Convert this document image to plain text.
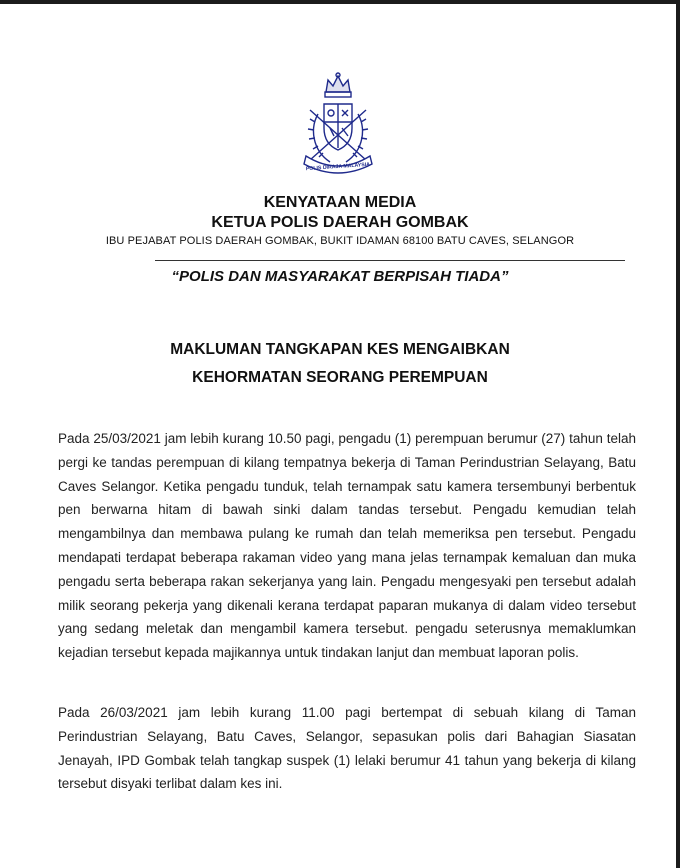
POLIS DIRAJA MALAYSIA
KENYATAAN MEDIA
KETUA POLIS DAERAH GOMBAK
IBU PEJABAT POLIS DAERAH GOMBAK, BUKIT IDAMAN 68100 BATU CAVES, SELANGOR
“POLIS DAN MASYARAKAT BERPISAH TIADA”
MAKLUMAN TANGKAPAN KES MENGAIBKAN
KEHORMATAN SEORANG PEREMPUAN

Pada 25/03/2021 jam lebih kurang 10.50 pagi, pengadu (1) perempuan berumur (27) tahun telah pergi ke tandas perempuan di kilang tempatnya bekerja di Taman Perindustrian Selayang, Batu Caves Selangor. Ketika pengadu tunduk, telah ternampak satu kamera tersembunyi berbentuk pen berwarna hitam di bawah sinki dalam tandas tersebut. Pengadu kemudian telah mengambilnya dan membawa pulang ke rumah dan telah memeriksa pen tersebut. Pengadu mendapati terdapat beberapa rakaman video yang mana jelas ternampak kemaluan dan muka pengadu serta beberapa rakan sekerjanya yang lain. Pengadu mengesyaki pen tersebut adalah milik seorang pekerja yang dikenali kerana terdapat paparan mukanya di dalam video tersebut yang sedang meletak dan mengambil kamera tersebut. pengadu seterusnya memaklumkan kejadian tersebut kepada majikannya untuk tindakan lanjut dan membuat laporan polis.

Pada 26/03/2021 jam lebih kurang 11.00 pagi bertempat di sebuah kilang di Taman Perindustrian Selayang, Batu Caves, Selangor, sepasukan polis dari Bahagian Siasatan Jenayah, IPD Gombak telah tangkap suspek (1) lelaki berumur 41 tahun yang bekerja di kilang tersebut disyaki terlibat dalam kes ini.
